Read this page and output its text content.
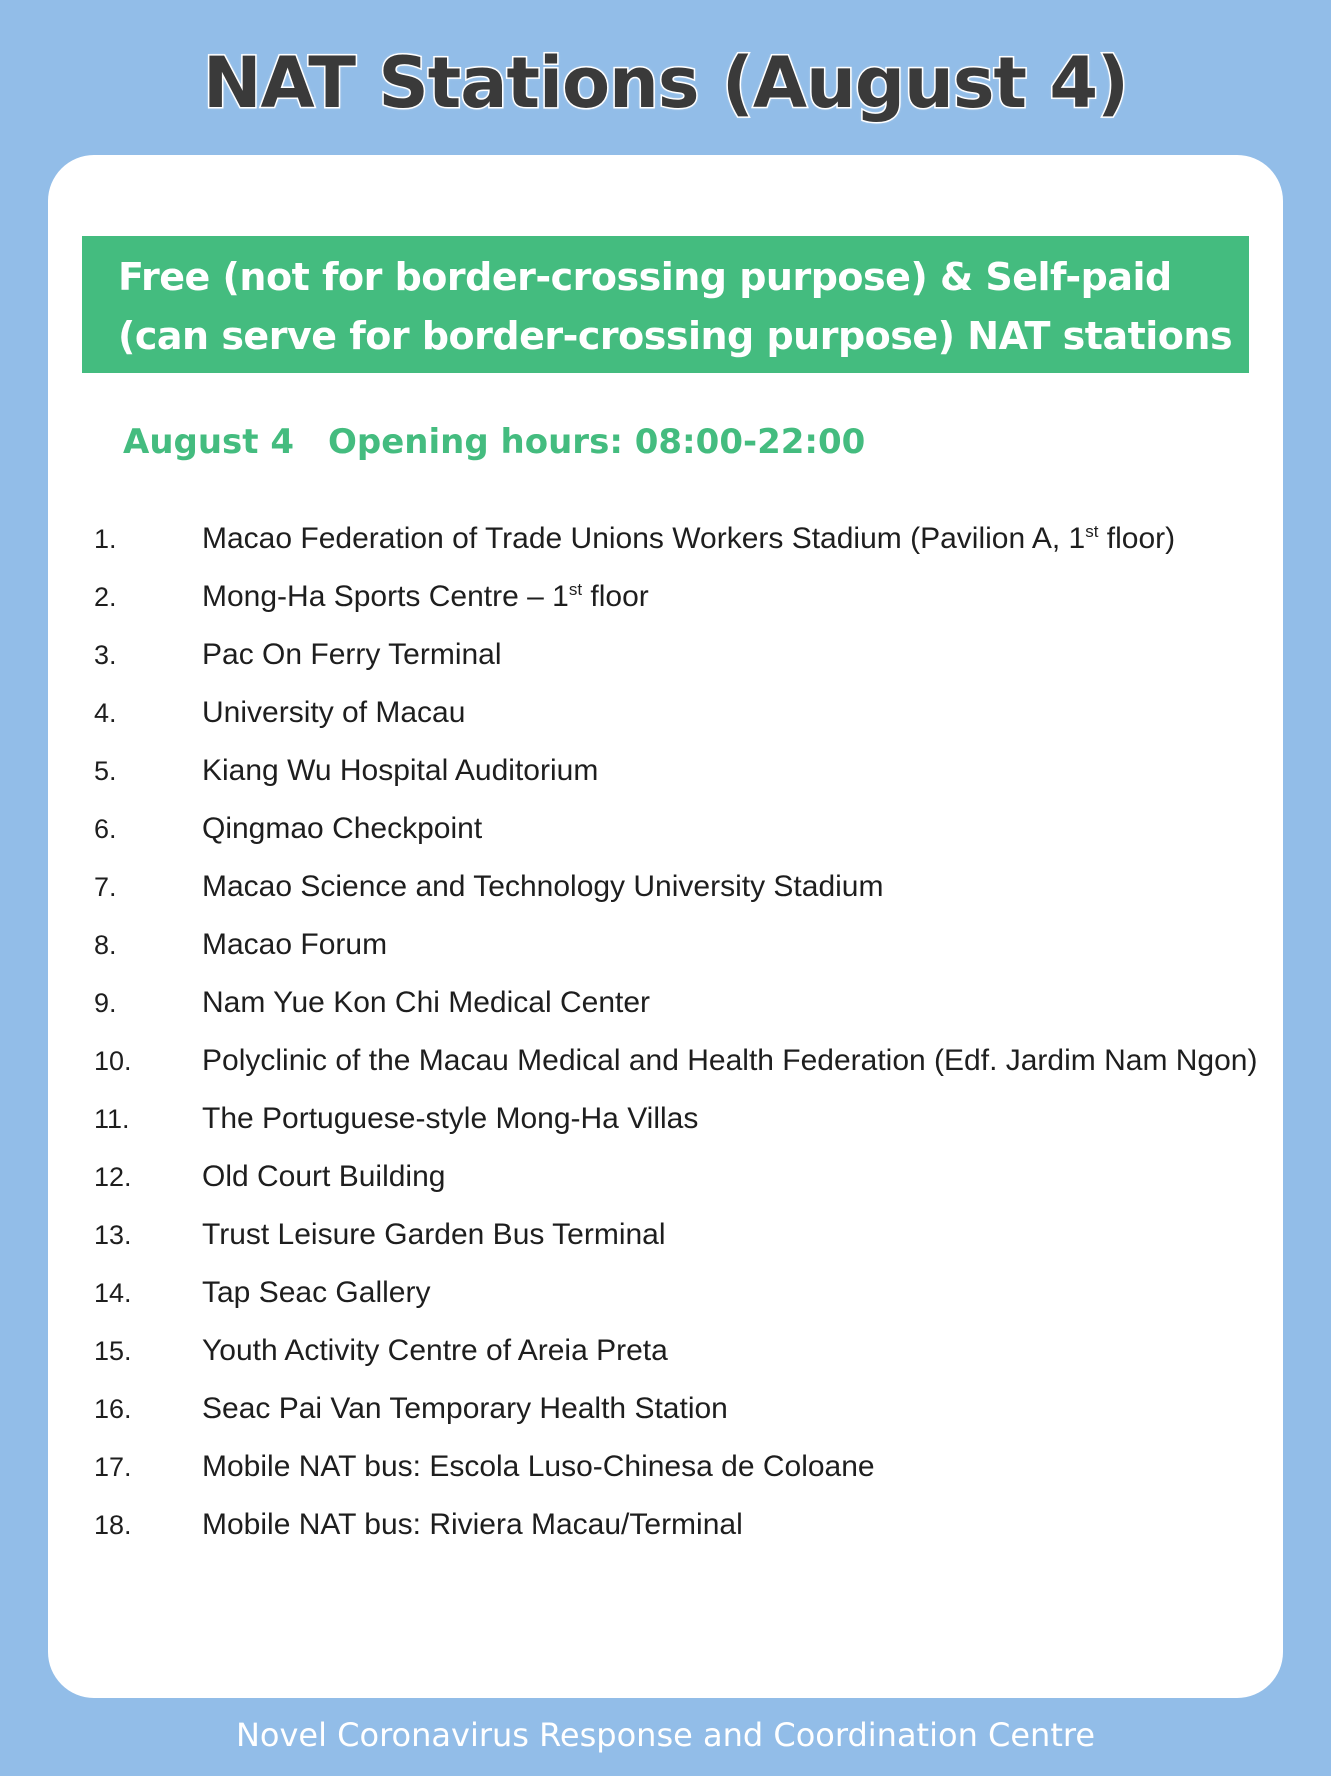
NAT Stations (August 4)
Free (not for border-crossing purpose) & Self-paid
(can serve for border-crossing purpose) NAT stations
August 4 Opening hours: 08:00-22:00
1.	Macao Federation of Trade Unions Workers Stadium (Pavilion A, 1st floor)
2.	Mong-Ha Sports Centre – 1st floor
3.	Pac On Ferry Terminal
4.	University of Macau
5.	Kiang Wu Hospital Auditorium
6.	Qingmao Checkpoint
7.	Macao Science and Technology University Stadium
8.	Macao Forum
9.	Nam Yue Kon Chi Medical Center
10.	Polyclinic of the Macau Medical and Health Federation (Edf. Jardim Nam Ngon)
11.	The Portuguese-style Mong-Ha Villas
12.	Old Court Building
13.	Trust Leisure Garden Bus Terminal
14.	Tap Seac Gallery
15.	Youth Activity Centre of Areia Preta
16.	Seac Pai Van Temporary Health Station
17.	Mobile NAT bus: Escola Luso-Chinesa de Coloane
18.	Mobile NAT bus: Riviera Macau/Terminal
Novel Coronavirus Response and Coordination Centre
